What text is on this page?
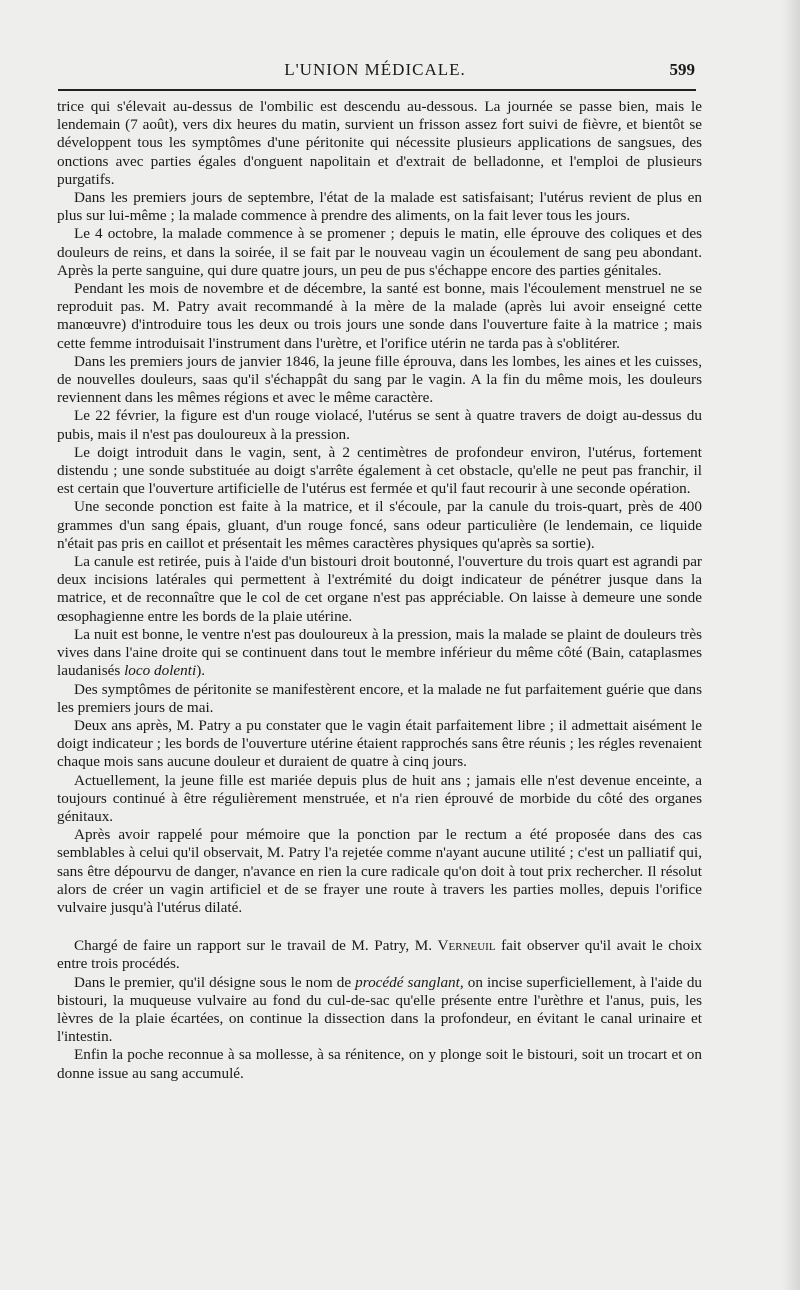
L'UNION MÉDICALE.	599

trice qui s'élevait au-dessus de l'ombilic est descendu au-dessous. La journée se passe bien, mais le lendemain (7 août), vers dix heures du matin, survient un frisson assez fort suivi de fièvre, et bientôt se développent tous les symptômes d'une péritonite qui nécessite plusieurs applications de sangsues, des onctions avec parties égales d'onguent napolitain et d'extrait de belladonne, et l'emploi de plusieurs purgatifs.

Dans les premiers jours de septembre, l'état de la malade est satisfaisant; l'utérus revient de plus en plus sur lui-même ; la malade commence à prendre des aliments, on la fait lever tous les jours.

Le 4 octobre, la malade commence à se promener ; depuis le matin, elle éprouve des coliques et des douleurs de reins, et dans la soirée, il se fait par le nouveau vagin un écoulement de sang peu abondant. Après la perte sanguine, qui dure quatre jours, un peu de pus s'échappe encore des parties génitales.

Pendant les mois de novembre et de décembre, la santé est bonne, mais l'écoulement menstruel ne se reproduit pas. M. Patry avait recommandé à la mère de la malade (après lui avoir enseigné cette manœuvre) d'introduire tous les deux ou trois jours une sonde dans l'ouverture faite à la matrice ; mais cette femme introduisait l'instrument dans l'urètre, et l'orifice utérin ne tarda pas à s'oblitérer.

Dans les premiers jours de janvier 1846, la jeune fille éprouva, dans les lombes, les aines et les cuisses, de nouvelles douleurs, saas qu'il s'échappât du sang par le vagin. A la fin du même mois, les douleurs reviennent dans les mêmes régions et avec le même caractère.

Le 22 février, la figure est d'un rouge violacé, l'utérus se sent à quatre travers de doigt au-dessus du pubis, mais il n'est pas douloureux à la pression.

Le doigt introduit dans le vagin, sent, à 2 centimètres de profondeur environ, l'utérus, fortement distendu ; une sonde substituée au doigt s'arrête également à cet obstacle, qu'elle ne peut pas franchir, il est certain que l'ouverture artificielle de l'utérus est fermée et qu'il faut recourir à une seconde opération.

Une seconde ponction est faite à la matrice, et il s'écoule, par la canule du trois-quart, près de 400 grammes d'un sang épais, gluant, d'un rouge foncé, sans odeur particulière (le lendemain, ce liquide n'était pas pris en caillot et présentait les mêmes caractères physiques qu'après sa sortie).

La canule est retirée, puis à l'aide d'un bistouri droit boutonné, l'ouverture du trois quart est agrandi par deux incisions latérales qui permettent à l'extrémité du doigt indicateur de pénétrer jusque dans la matrice, et de reconnaître que le col de cet organe n'est pas appréciable. On laisse à demeure une sonde œsophagienne entre les bords de la plaie utérine.

La nuit est bonne, le ventre n'est pas douloureux à la pression, mais la malade se plaint de douleurs très vives dans l'aine droite qui se continuent dans tout le membre inférieur du même côté (Bain, cataplasmes laudanisés loco dolenti).

Des symptômes de péritonite se manifestèrent encore, et la malade ne fut parfaitement guérie que dans les premiers jours de mai.

Deux ans après, M. Patry a pu constater que le vagin était parfaitement libre ; il admettait aisément le doigt indicateur ; les bords de l'ouverture utérine étaient rapprochés sans être réunis ; les régles revenaient chaque mois sans aucune douleur et duraient de quatre à cinq jours.

Actuellement, la jeune fille est mariée depuis plus de huit ans ; jamais elle n'est devenue enceinte, a toujours continué à être régulièrement menstruée, et n'a rien éprouvé de morbide du côté des organes génitaux.

Après avoir rappelé pour mémoire que la ponction par le rectum a été proposée dans des cas semblables à celui qu'il observait, M. Patry l'a rejetée comme n'ayant aucune utilité ; c'est un palliatif qui, sans être dépourvu de danger, n'avance en rien la cure radicale qu'on doit à tout prix rechercher. Il résolut alors de créer un vagin artificiel et de se frayer une route à travers les parties molles, depuis l'orifice vulvaire jusqu'à l'utérus dilaté.

Chargé de faire un rapport sur le travail de M. Patry, M. Verneuil fait observer qu'il avait le choix entre trois procédés.

Dans le premier, qu'il désigne sous le nom de procédé sanglant, on incise superficiellement, à l'aide du bistouri, la muqueuse vulvaire au fond du cul-de-sac qu'elle présente entre l'urèthre et l'anus, puis, les lèvres de la plaie écartées, on continue la dissection dans la profondeur, en évitant le canal urinaire et l'intestin.

Enfin la poche reconnue à sa mollesse, à sa rénitence, on y plonge soit le bistouri, soit un trocart et on donne issue au sang accumulé.
